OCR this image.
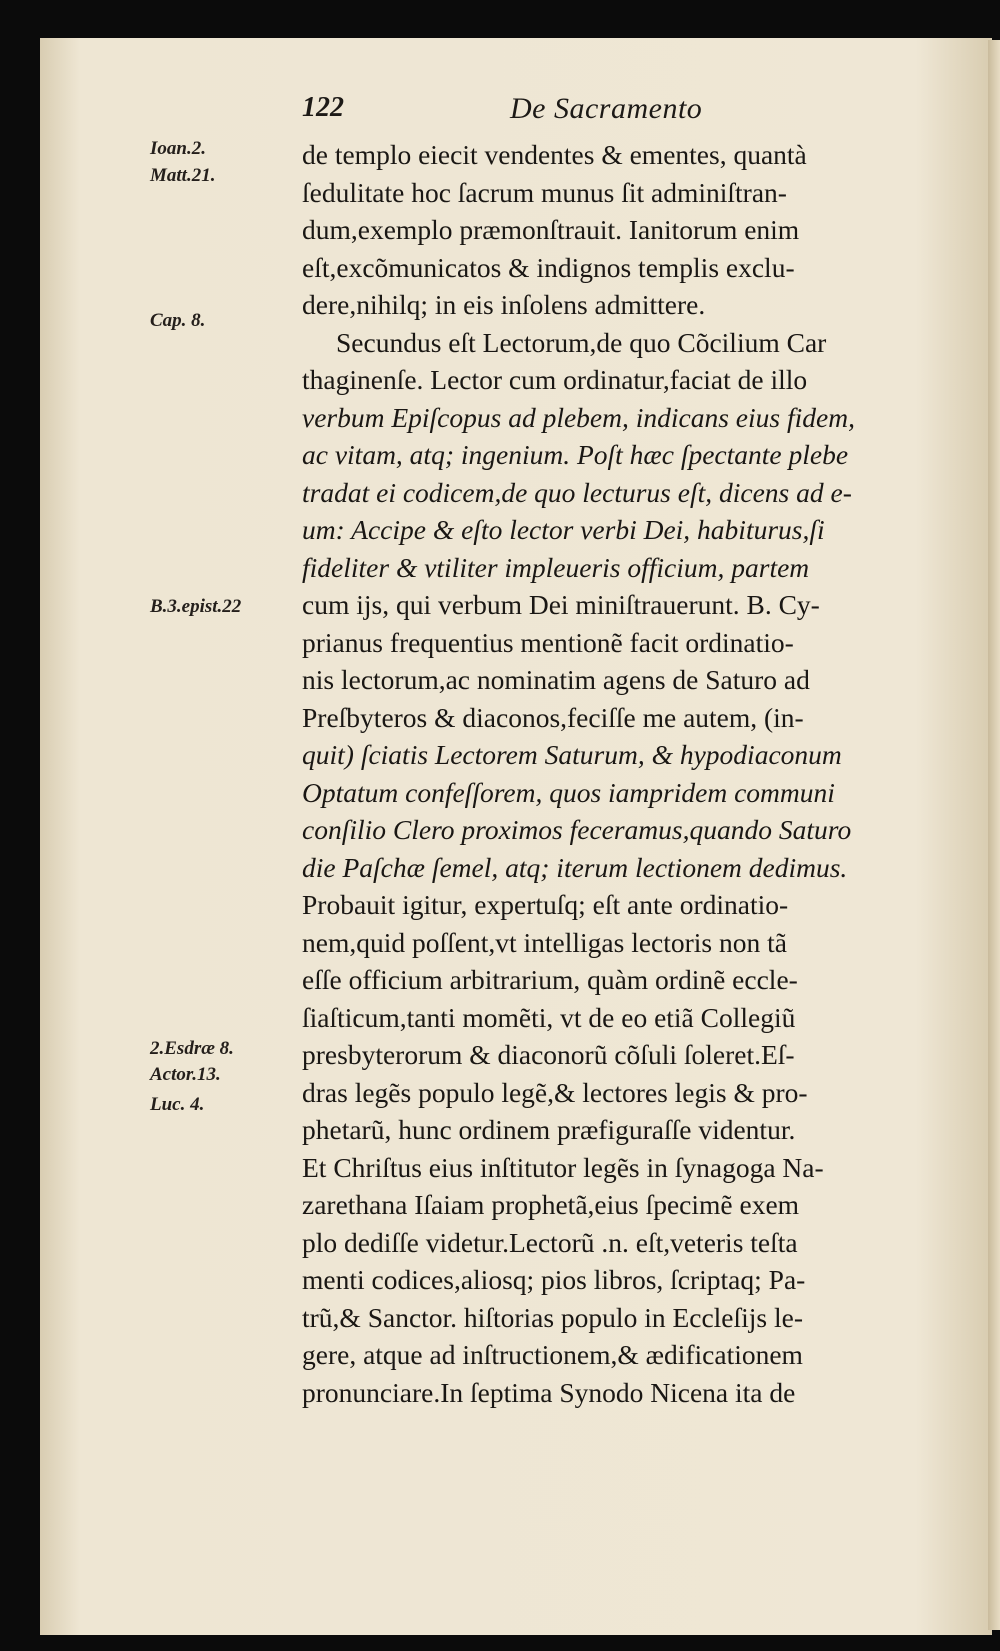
122	De Sacramento
Ioan.2.
Matt.21.
Cap. 8.
B.3.epist.22
2.Esdræ 8.
Actor.13.
Luc. 4.
de templo eiecit vendentes & ementes, quantà
ſedulitate hoc ſacrum munus ſit adminiſtran-
dum,exemplo præmonſtrauit. Ianitorum enim
eſt,excõmunicatos & indignos templis exclu-
dere,nihilq; in eis inſolens admittere.
Secundus eſt Lectorum,de quo Cõcilium Car
thaginenſe. Lector cum ordinatur,faciat de illo
verbum Epiſcopus ad plebem, indicans eius fidem,
ac vitam, atq; ingenium. Poſt hæc ſpectante plebe
tradat ei codicem,de quo lecturus eſt, dicens ad e-
um: Accipe & eſto lector verbi Dei, habiturus,ſi
fideliter & vtiliter impleueris officium, partem
cum ijs, qui verbum Dei miniſtrauerunt. B. Cy-
prianus frequentius mentionẽ facit ordinatio-
nis lectorum,ac nominatim agens de Saturo ad
Preſbyteros & diaconos,feciſſe me autem, (in-
quit) ſciatis Lectorem Saturum, & hypodiaconum
Optatum confeſſorem, quos iampridem communi
conſilio Clero proximos feceramus,quando Saturo
die Paſchæ ſemel, atq; iterum lectionem dedimus.
Probauit igitur, expertuſq; eſt ante ordinatio-
nem,quid poſſent,vt intelligas lectoris non tã
eſſe officium arbitrarium, quàm ordinẽ eccle-
ſiaſticum,tanti momẽti, vt de eo etiã Collegiũ
presbyterorum & diaconorũ cõſuli ſoleret.Eſ-
dras legẽs populo legẽ,& lectores legis & pro-
phetarũ, hunc ordinem præfiguraſſe videntur.
Et Chriſtus eius inſtitutor legẽs in ſynagoga Na-
zarethana Iſaiam prophetã,eius ſpecimẽ exem
plo dediſſe videtur.Lectorũ .n. eſt,veteris teſta
menti codices,aliosq; pios libros, ſcriptaq; Pa-
trũ,& Sanctor. hiſtorias populo in Eccleſijs le-
gere, atque ad inſtructionem,& ædificationem
pronunciare.In ſeptima Synodo Nicena ita de
